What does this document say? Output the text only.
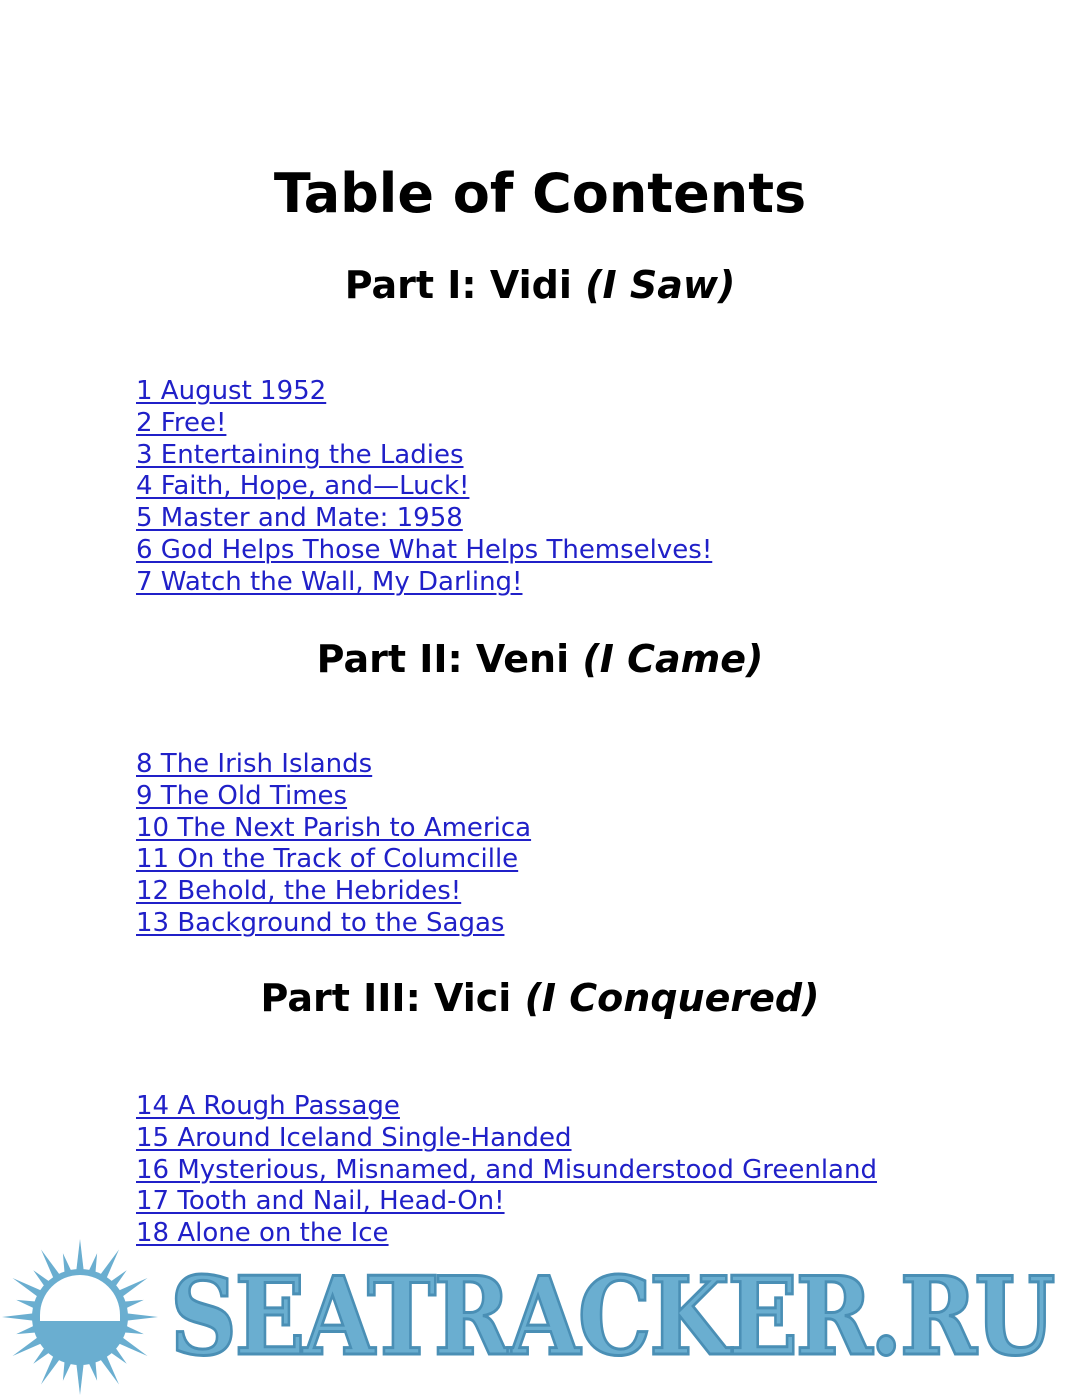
Table of Contents
Part I: Vidi (I Saw)
1 August 1952
2 Free!
3 Entertaining the Ladies
4 Faith, Hope, and—Luck!
5 Master and Mate: 1958
6 God Helps Those What Helps Themselves!
7 Watch the Wall, My Darling!
Part II: Veni (I Came)
8 The Irish Islands
9 The Old Times
10 The Next Parish to America
11 On the Track of Columcille
12 Behold, the Hebrides!
13 Background to the Sagas
Part III: Vici (I Conquered)
14 A Rough Passage
15 Around Iceland Single-Handed
16 Mysterious, Misnamed, and Misunderstood Greenland
17 Tooth and Nail, Head-On!
18 Alone on the Ice
SEATRACKER.RU
